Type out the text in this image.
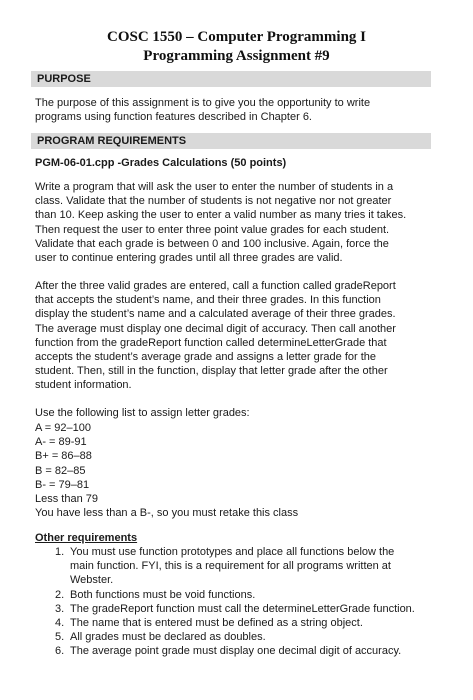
COSC 1550 – Computer Programming I
Programming Assignment #9
PURPOSE
The purpose of this assignment is to give you the opportunity to write
programs using function features described in Chapter 6.
PROGRAM REQUIREMENTS
PGM-06-01.cpp -Grades Calculations (50 points)
Write a program that will ask the user to enter the number of students in a
class. Validate that the number of students is not negative nor not greater
than 10. Keep asking the user to enter a valid number as many tries it takes.
Then request the user to enter three point value grades for each student.
Validate that each grade is between 0 and 100 inclusive. Again, force the
user to continue entering grades until all three grades are valid.
After the three valid grades are entered, call a function called gradeReport
that accepts the student’s name, and their three grades. In this function
display the student’s name and a calculated average of their three grades.
The average must display one decimal digit of accuracy. Then call another
function from the gradeReport function called determineLetterGrade that
accepts the student’s average grade and assigns a letter grade for the
student. Then, still in the function, display that letter grade after the other
student information.
Use the following list to assign letter grades:
A = 92–100
A- = 89-91
B+ = 86–88
B = 82–85
B- = 79–81
Less than 79
You have less than a B-, so you must retake this class
Other requirements
1. You must use function prototypes and place all functions below the
main function. FYI, this is a requirement for all programs written at
Webster.
2. Both functions must be void functions.
3. The gradeReport function must call the determineLetterGrade function.
4. The name that is entered must be defined as a string object.
5. All grades must be declared as doubles.
6. The average point grade must display one decimal digit of accuracy.
